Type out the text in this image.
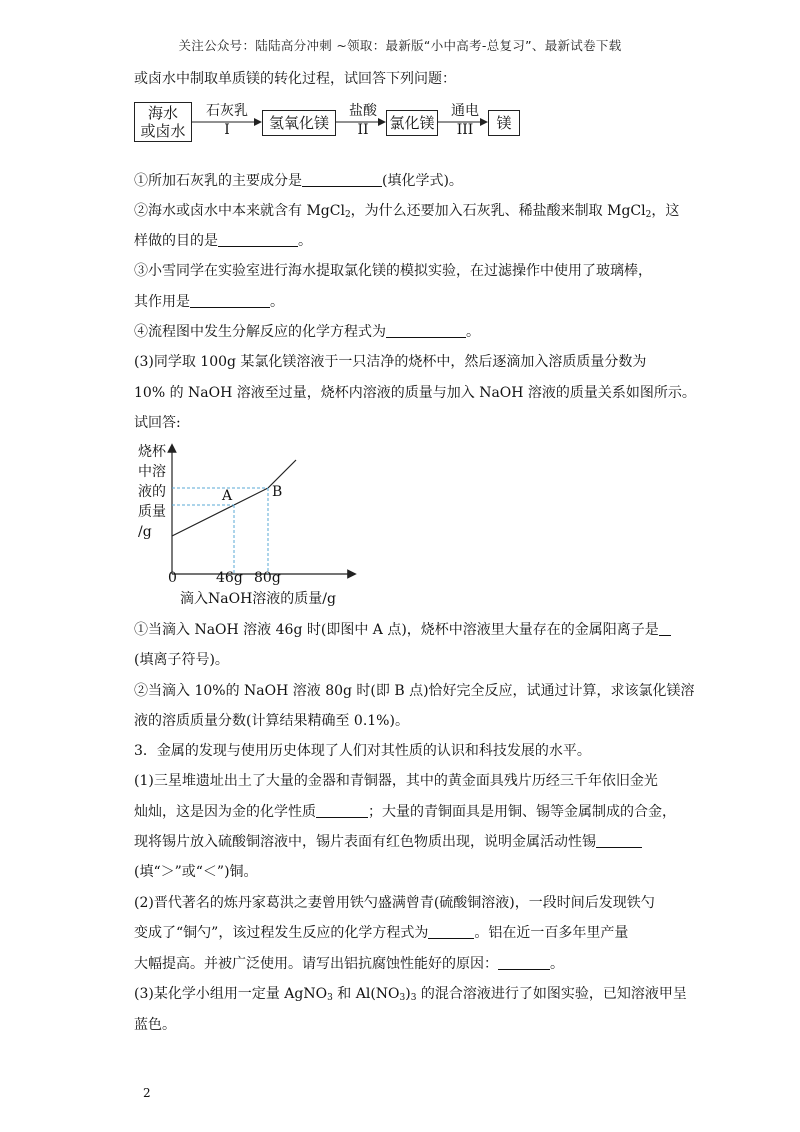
关注公众号：陆陆高分冲刺 ~领取：最新版“小中高考-总复习”、最新试卷下载
或卤水中制取单质镁的转化过程，试回答下列问题：
海水
或卤水
石灰乳
I	氢氧化镁
盐酸
II	氯化镁
通电
III	镁
①所加石灰乳的主要成分是	(填化学式)。
②海水或卤水中本来就含有 MgCl$_2$，为什么还要加入石灰乳、稀盐酸来制取 MgCl$_2$，这
样做的目的是	。
③小雪同学在实验室进行海水提取氯化镁的模拟实验，在过滤操作中使用了玻璃棒，
其作用是	。
④流程图中发生分解反应的化学方程式为	。
(3)同学取 100g 某氯化镁溶液于一只洁净的烧杯中，然后逐滴加入溶质质量分数为
10% 的 NaOH 溶液至过量，烧杯内溶液的质量与加入 NaOH 溶液的质量关系如图所示。
试回答:
烧杯
中溶
液的
质量
/g
A	B
0	46g 80g
滴入NaOH溶液的质量/g
①当滴入 NaOH 溶液 46g 时(即图中 A 点)，烧杯中溶液里大量存在的金属阳离子是
(填离子符号)。
②当滴入 10%的 NaOH 溶液 80g 时(即 B 点)恰好完全反应，试通过计算，求该氯化镁溶
液的溶质质量分数(计算结果精确至 0.1%)。
3．金属的发现与使用历史体现了人们对其性质的认识和科技发展的水平。
(1)三星堆遗址出土了大量的金器和青铜器，其中的黄金面具残片历经三千年依旧金光
灿灿，这是因为金的化学性质	；大量的青铜面具是用铜、锡等金属制成的合金，
现将锡片放入硫酸铜溶液中，锡片表面有红色物质出现，说明金属活动性锡
(填“＞”或“＜”)铜。
(2)晋代著名的炼丹家葛洪之妻曾用铁勺盛满曾青(硫酸铜溶液)，一段时间后发现铁勺
变成了“铜勺”，该过程发生反应的化学方程式为	。铝在近一百多年里产量
大幅提高。并被广泛使用。请写出铝抗腐蚀性能好的原因：	。
(3)某化学小组用一定量 AgNO$_3$ 和 $Al(NO_3)_3$ 的混合溶液进行了如图实验，已知溶液甲呈
蓝色。
2
